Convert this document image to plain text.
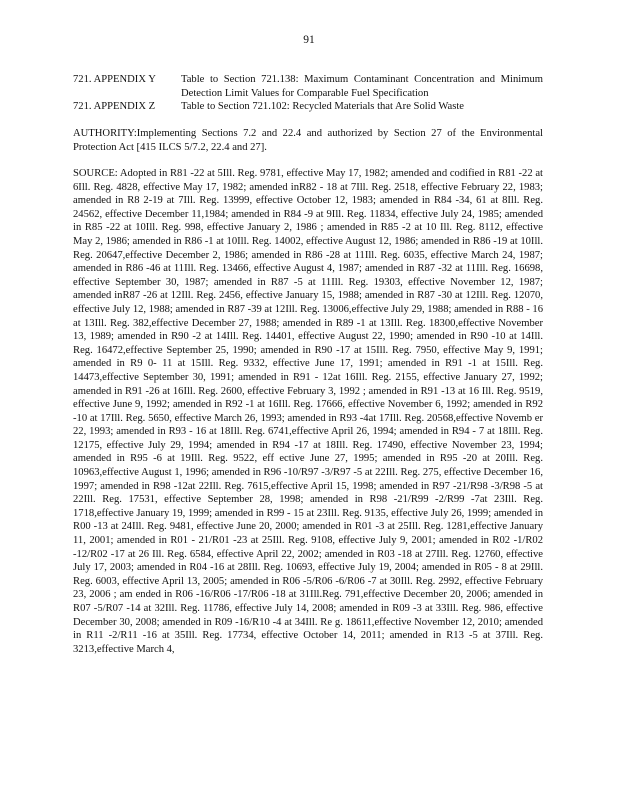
91
721. APPENDIX Y	Table to Section 721.138: Maximum Contaminant Concentration and Minimum Detection Limit Values for Comparable Fuel Specification
721. APPENDIX Z	Table to Section 721.102: Recycled Materials that Are Solid Waste

AUTHORITY:Implementing Sections 7.2 and 22.4 and authorized by Section 27 of the Environmental Protection Act [415 ILCS 5/7.2, 22.4 and 27].

SOURCE: Adopted in R81 -22 at 5Ill. Reg. 9781, effective May 17, 1982; amended and codified in R81 -22 at 6Ill. Reg. 4828, effective May 17, 1982; amended inR82 - 18 at 7Ill. Reg. 2518, effective February 22, 1983; amended in R8 2-19 at 7Ill. Reg. 13999, effective October 12, 1983; amended in R84 -34, 61 at 8Ill. Reg. 24562, effective December 11,1984; amended in R84 -9 at 9Ill. Reg. 11834, effective July 24, 1985; amended in R85 -22 at 10Ill. Reg. 998, effective January 2, 1986 ; amended in R85 -2 at 10 Ill. Reg. 8112, effective May 2, 1986; amended in R86 -1 at 10Ill. Reg. 14002, effective August 12, 1986; amended in R86 -19 at 10Ill. Reg. 20647,effective December 2, 1986; amended in R86 -28 at 11Ill. Reg. 6035, effective March 24, 1987; amended in R86 -46 at 11Ill. Reg. 13466, effective August 4, 1987; amended in R87 -32 at 11Ill. Reg. 16698, effective September 30, 1987; amended in R87 -5 at 11Ill. Reg. 19303, effective November 12, 1987; amended inR87 -26 at 12Ill. Reg. 2456, effective January 15, 1988; amended in R87 -30 at 12Ill. Reg. 12070, effective July 12, 1988; amended in R87 -39 at 12Ill. Reg. 13006,effective July 29, 1988; amended in R88 - 16 at 13Ill. Reg. 382,effective December 27, 1988; amended in R89 -1 at 13Ill. Reg. 18300,effective November 13, 1989; amended in R90 -2 at 14Ill. Reg. 14401, effective August 22, 1990; amended in R90 -10 at 14Ill. Reg. 16472,effective September 25, 1990; amended in R90 -17 at 15Ill. Reg. 7950, effective May 9, 1991; amended in R9 0- 11 at 15Ill. Reg. 9332, effective June 17, 1991; amended in R91 -1 at 15Ill. Reg. 14473,effective September 30, 1991; amended in R91 - 12at 16Ill. Reg. 2155, effective January 27, 1992; amended in R91 -26 at 16Ill. Reg. 2600, effective February 3, 1992 ; amended in R91 -13 at 16 Ill. Reg. 9519, effective June 9, 1992; amended in R92 -1 at 16Ill. Reg. 17666, effective November 6, 1992; amended in R92 -10 at 17Ill. Reg. 5650, effective March 26, 1993; amended in R93 -4at 17Ill. Reg. 20568,effective Novemb er 22, 1993; amended in R93 - 16 at 18Ill. Reg. 6741,effective April 26, 1994; amended in R94 - 7 at 18Ill. Reg. 12175, effective July 29, 1994; amended in R94 -17 at 18Ill. Reg. 17490, effective November 23, 1994; amended in R95 -6 at 19Ill. Reg. 9522, eff ective June 27, 1995; amended in R95 -20 at 20Ill. Reg. 10963,effective August 1, 1996; amended in R96 -10/R97 -3/R97 -5 at 22Ill. Reg. 275, effective December 16, 1997; amended in R98 -12at 22Ill. Reg. 7615,effective April 15, 1998; amended in R97 -21/R98 -3/R98 -5 at 22Ill. Reg. 17531, effective September 28, 1998; amended in R98 -21/R99 -2/R99 -7at 23Ill. Reg. 1718,effective January 19, 1999; amended in R99 - 15 at 23Ill. Reg. 9135, effective July 26, 1999; amended in R00 -13 at 24Ill. Reg. 9481, effective June 20, 2000; amended in R01 -3 at 25Ill. Reg. 1281,effective January 11, 2001; amended in R01 - 21/R01 -23 at 25Ill. Reg. 9108, effective July 9, 2001; amended in R02 -1/R02 -12/R02 -17 at 26 Ill. Reg. 6584, effective April 22, 2002; amended in R03 -18 at 27Ill. Reg. 12760, effective July 17, 2003; amended in R04 -16 at 28Ill. Reg. 10693, effective July 19, 2004; amended in R05 - 8 at 29Ill. Reg. 6003, effective April 13, 2005; amended in R06 -5/R06 -6/R06 -7 at 30Ill. Reg. 2992, effective February 23, 2006 ; am ended in R06 -16/R06 -17/R06 -18 at 31Ill.Reg. 791,effective December 20, 2006; amended in R07 -5/R07 -14 at 32Ill. Reg. 11786, effective July 14, 2008; amended in R09 -3 at 33Ill. Reg. 986, effective December 30, 2008; amended in R09 -16/R10 -4 at 34Ill. Re g. 18611,effective November 12, 2010; amended in R11 -2/R11 -16 at 35Ill. Reg. 17734, effective October 14, 2011; amended in R13 -5 at 37Ill. Reg. 3213,effective March 4,
